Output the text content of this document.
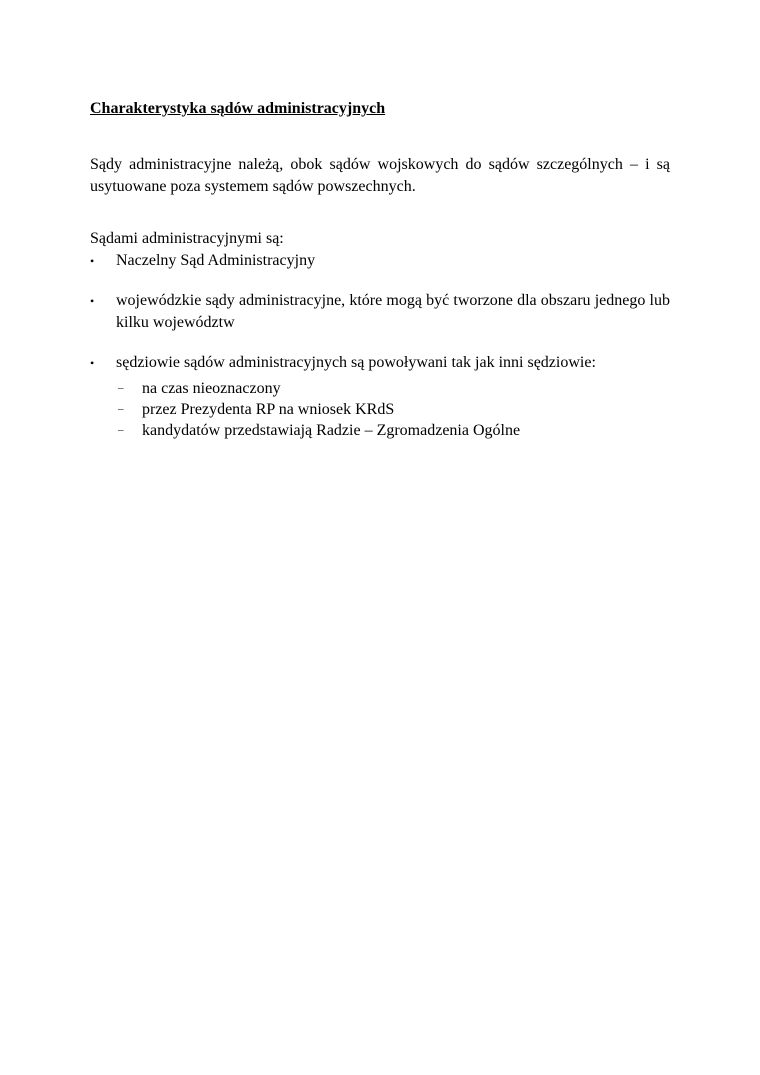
Charakterystyka sądów administracyjnych

Sądy administracyjne należą, obok sądów wojskowych do sądów szczególnych – i są usytuowane poza systemem sądów powszechnych.

Sądami administracyjnymi są:

•	Naczelny Sąd Administracyjny
•	wojewódzkie sądy administracyjne, które mogą być tworzone dla obszaru jednego lub kilku województw
•	sędziowie sądów administracyjnych są powoływani tak jak inni sędziowie:
– na czas nieoznaczony
– przez Prezydenta RP na wniosek KRdS
– kandydatów przedstawiają Radzie – Zgromadzenia Ogólne
